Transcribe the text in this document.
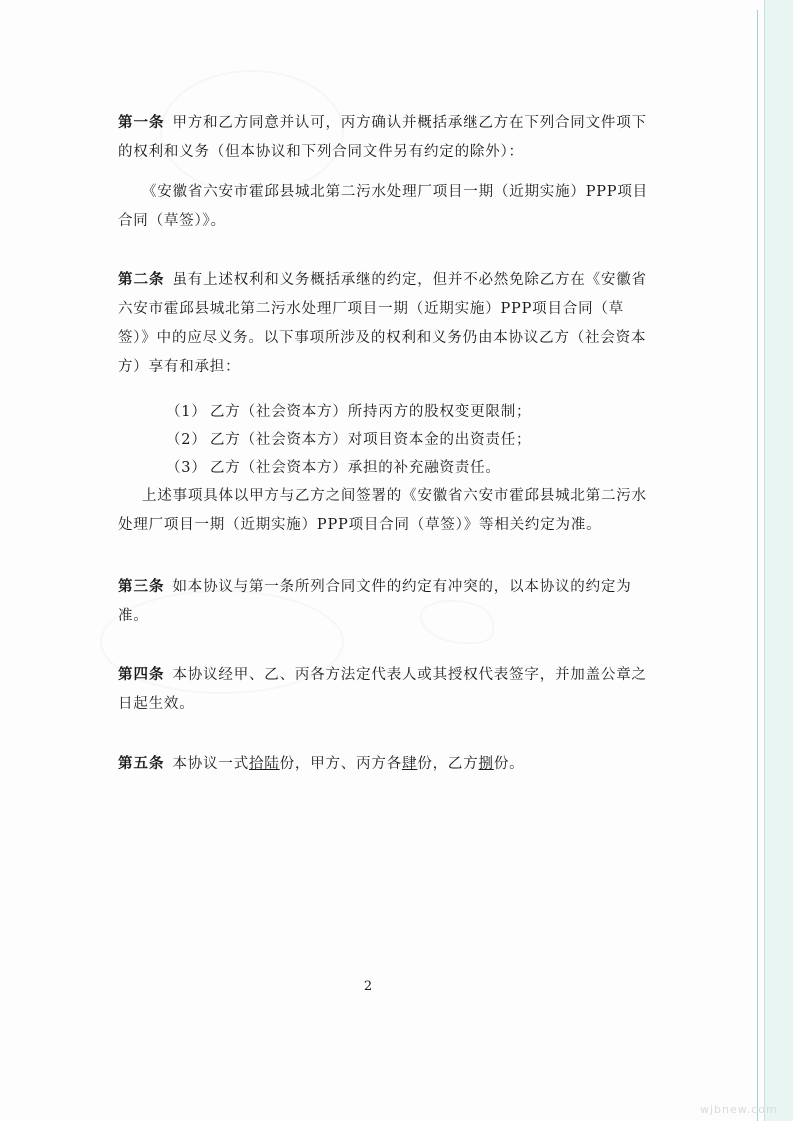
第一条 甲方和乙方同意并认可，丙方确认并概括承继乙方在下列合同文件项下的权利和义务（但本协议和下列合同文件另有约定的除外）：

《安徽省六安市霍邱县城北第二污水处理厂项目一期（近期实施）PPP项目合同（草签）》。

第二条 虽有上述权利和义务概括承继的约定，但并不必然免除乙方在《安徽省六安市霍邱县城北第二污水处理厂项目一期（近期实施）PPP项目合同（草签）》中的应尽义务。以下事项所涉及的权利和义务仍由本协议乙方（社会资本方）享有和承担：

（1） 乙方（社会资本方）所持丙方的股权变更限制；

（2） 乙方（社会资本方）对项目资本金的出资责任；

（3） 乙方（社会资本方）承担的补充融资责任。

上述事项具体以甲方与乙方之间签署的《安徽省六安市霍邱县城北第二污水处理厂项目一期（近期实施）PPP项目合同（草签）》等相关约定为准。

第三条 如本协议与第一条所列合同文件的约定有冲突的，以本协议的约定为准。

第四条 本协议经甲、乙、丙各方法定代表人或其授权代表签字，并加盖公章之日起生效。

第五条 本协议一式拾陆份，甲方、丙方各肆份，乙方捌份。

2
wjbnew.com
